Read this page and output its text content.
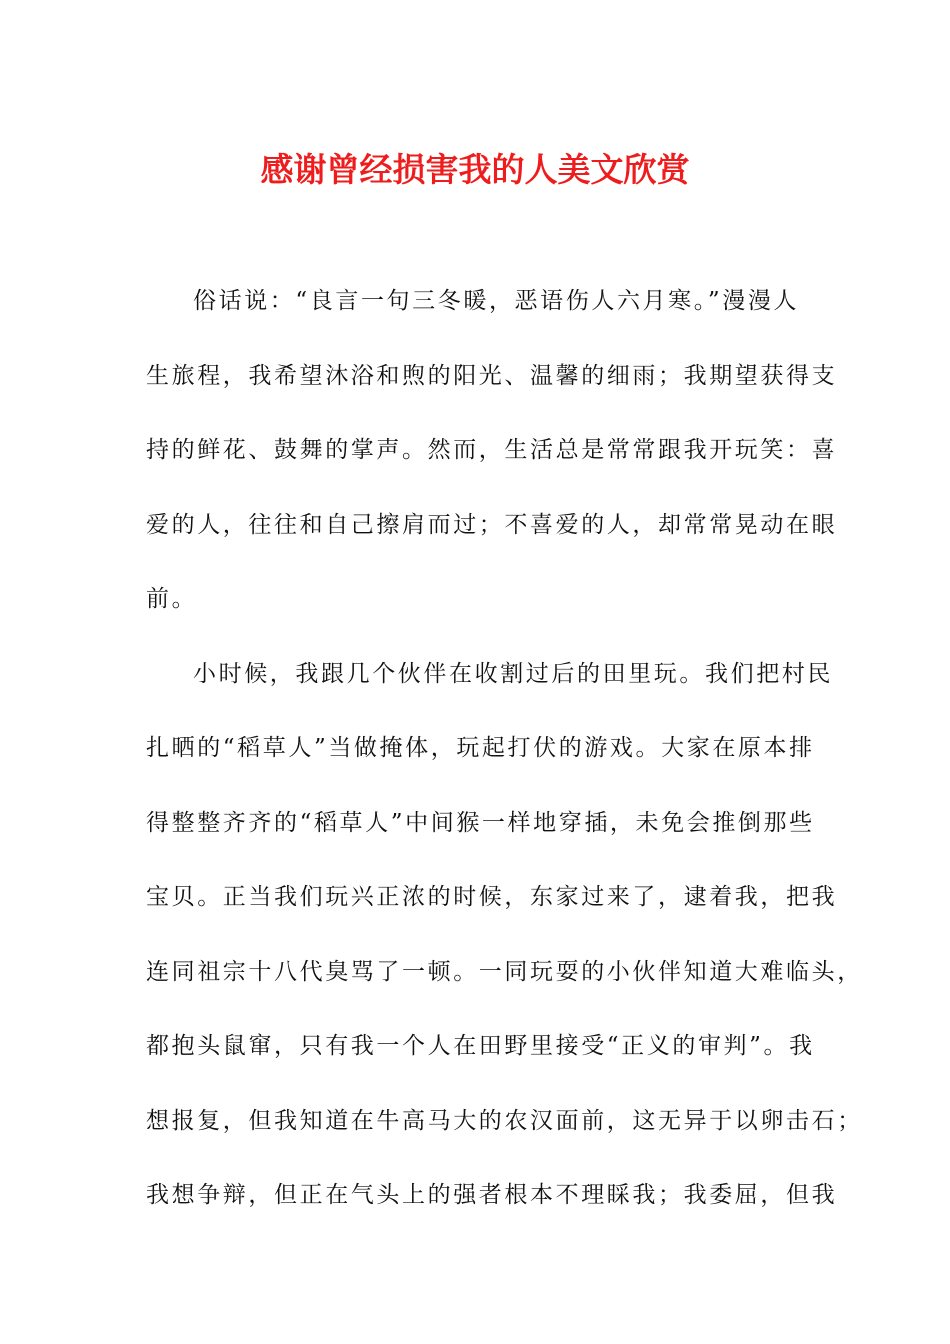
感谢曾经损害我的人美文欣赏
俗话说：“良言一句三冬暖，恶语伤人六月寒。”漫漫人
生旅程，我希望沐浴和煦的阳光、温馨的细雨；我期望获得支
持的鲜花、鼓舞的掌声。然而，生活总是常常跟我开玩笑：喜
爱的人，往往和自己擦肩而过；不喜爱的人，却常常晃动在眼
前。
小时候，我跟几个伙伴在收割过后的田里玩。我们把村民
扎晒的“稻草人”当做掩体，玩起打伏的游戏。大家在原本排
得整整齐齐的“稻草人”中间猴一样地穿插，未免会推倒那些
宝贝。正当我们玩兴正浓的时候，东家过来了，逮着我，把我
连同祖宗十八代臭骂了一顿。一同玩耍的小伙伴知道大难临头，
都抱头鼠窜，只有我一个人在田野里接受“正义的审判”。我
想报复，但我知道在牛高马大的农汉面前，这无异于以卵击石；
我想争辩，但正在气头上的强者根本不理睬我；我委屈，但我
